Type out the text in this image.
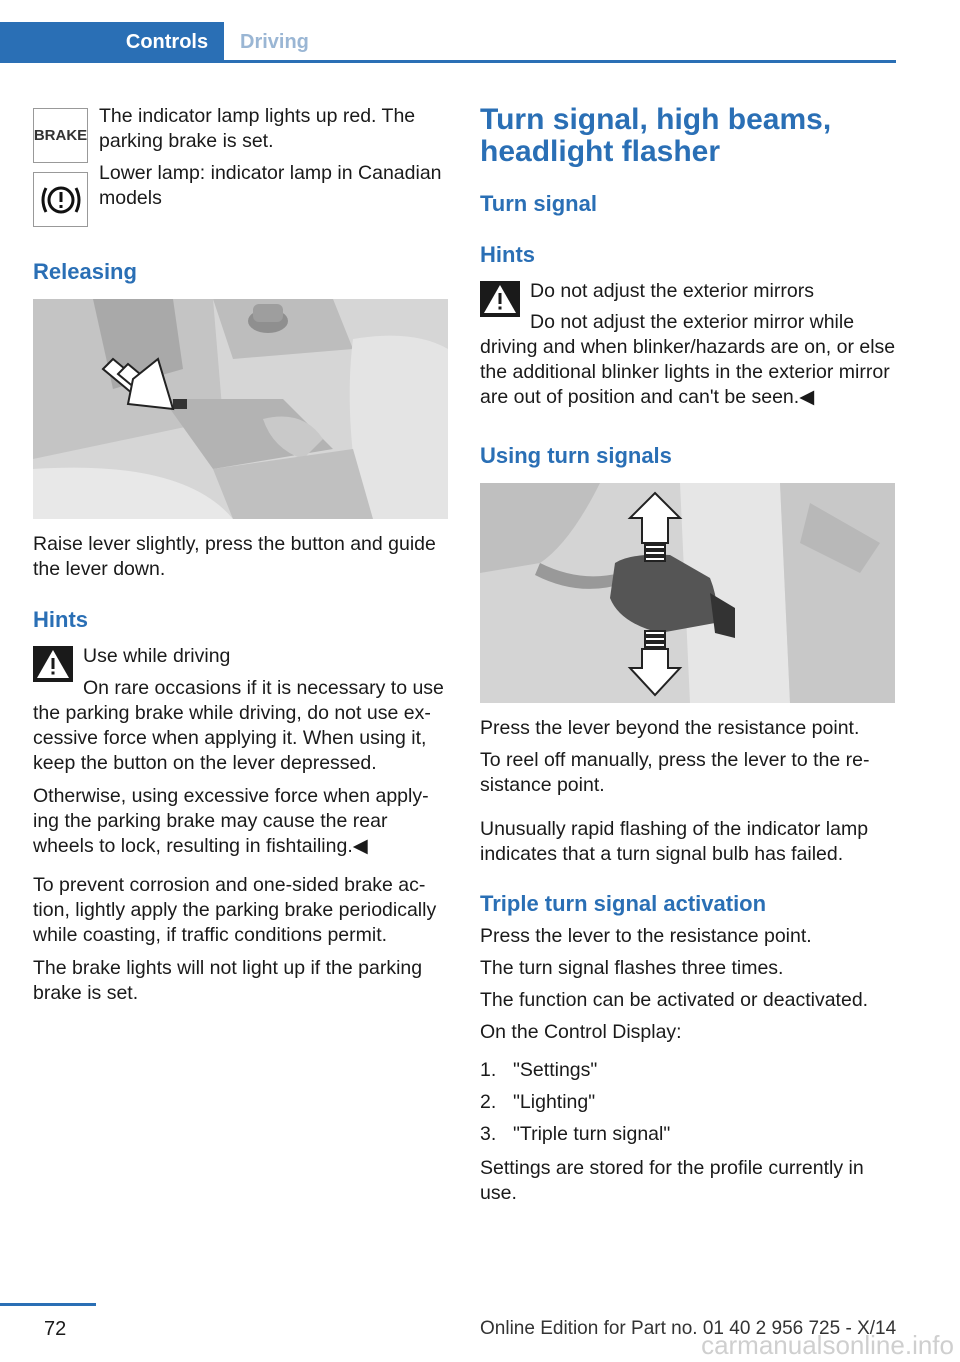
Controls	Driving
BRAKE

The indicator lamp lights up red. The parking brake is set.

Lower lamp: indicator lamp in Canadian models

Releasing

Raise lever slightly, press the button and guide the lever down.

Hints

Use while driving

On rare occasions if it is necessary to use

the parking brake while driving, do not use ex‐cessive force when applying it. When using it, keep the button on the lever depressed.

Otherwise, using excessive force when apply‐ing the parking brake may cause the rear wheels to lock, resulting in fishtailing.◀

To prevent corrosion and one-sided brake ac‐tion, lightly apply the parking brake periodically while coasting, if traffic conditions permit.

The brake lights will not light up if the parking brake is set.

Turn signal, high beams, headlight flasher
Turn signal
Hints

Do not adjust the exterior mirrors

Do not adjust the exterior mirror while

driving and when blinker/hazards are on, or else the additional blinker lights in the exterior mirror are out of position and can't be seen.◀

Using turn signals

Press the lever beyond the resistance point.

To reel off manually, press the lever to the re‐sistance point.

Unusually rapid flashing of the indicator lamp indicates that a turn signal bulb has failed.

Triple turn signal activation

Press the lever to the resistance point.

The turn signal flashes three times.

The function can be activated or deactivated.

On the Control Display:

1. "Settings"
2. "Lighting"
3. "Triple turn signal"

Settings are stored for the profile currently in use.

72	Online Edition for Part no. 01 40 2 956 725 - X/14
carmanualsonline.info
